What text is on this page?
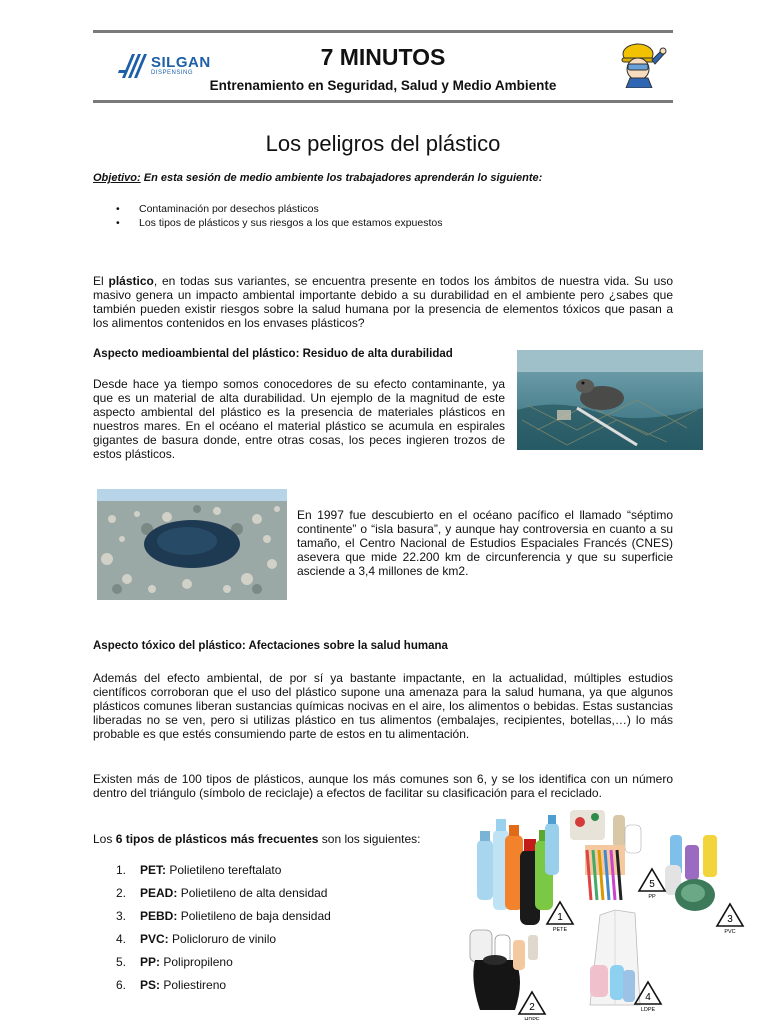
SILGAN
DISPENSING
7 MINUTOS
Entrenamiento en Seguridad, Salud y Medio Ambiente
Los peligros del plástico
Objetivo: En esta sesión de medio ambiente los trabajadores aprenderán lo siguiente:
• Contaminación por desechos plásticos
• Los tipos de plásticos y sus riesgos a los que estamos expuestos

El plástico, en todas sus variantes, se encuentra presente en todos los ámbitos de nuestra vida. Su uso masivo genera un impacto ambiental importante debido a su durabilidad en el ambiente pero ¿sabes que también pueden existir riesgos sobre la salud humana por la presencia de elementos tóxicos que pasan a los alimentos contenidos en los envases plásticos?

Aspecto medioambiental del plástico: Residuo de alta durabilidad

Desde hace ya tiempo somos conocedores de su efecto contaminante, ya que es un material de alta durabilidad. Un ejemplo de la magnitud de este aspecto ambiental del plástico es la presencia de materiales plásticos en nuestros mares. En el océano el material plástico se acumula en espirales gigantes de basura donde, entre otras cosas, los peces ingieren trozos de estos plásticos.

En 1997 fue descubierto en el océano pacífico el llamado “séptimo continente” o “isla basura”, y aunque hay controversia en cuanto a su tamaño, el Centro Nacional de Estudios Espaciales Francés (CNES) asevera que mide 22.200 km de circunferencia y que su superficie asciende a 3,4 millones de km2.

Aspecto tóxico del plástico: Afectaciones sobre la salud humana

Además del efecto ambiental, de por sí ya bastante impactante, en la actualidad, múltiples estudios científicos corroboran que el uso del plástico supone una amenaza para la salud humana, ya que algunos plásticos comunes liberan sustancias químicas nocivas en el aire, los alimentos o bebidas. Estas sustancias liberadas no se ven, pero si utilizas plástico en tus alimentos (embalajes, recipientes, botellas,…) lo más probable es que estés consumiendo parte de estos en tu alimentación.

Existen más de 100 tipos de plásticos, aunque los más comunes son 6, y se los identifica con un número dentro del triángulo (símbolo de reciclaje) a efectos de facilitar su clasificación para el reciclado.

Los 6 tipos de plásticos más frecuentes son los siguientes:
1. PET: Polietileno tereftalato
2. PEAD: Polietileno de alta densidad
3. PEBD: Polietileno de baja densidad
4. PVC: Policloruro de vinilo
5. PP: Polipropileno
6. PS: Poliestireno
1
PETE
2
HDPE
3
PVC
4
LDPE
5
PP
